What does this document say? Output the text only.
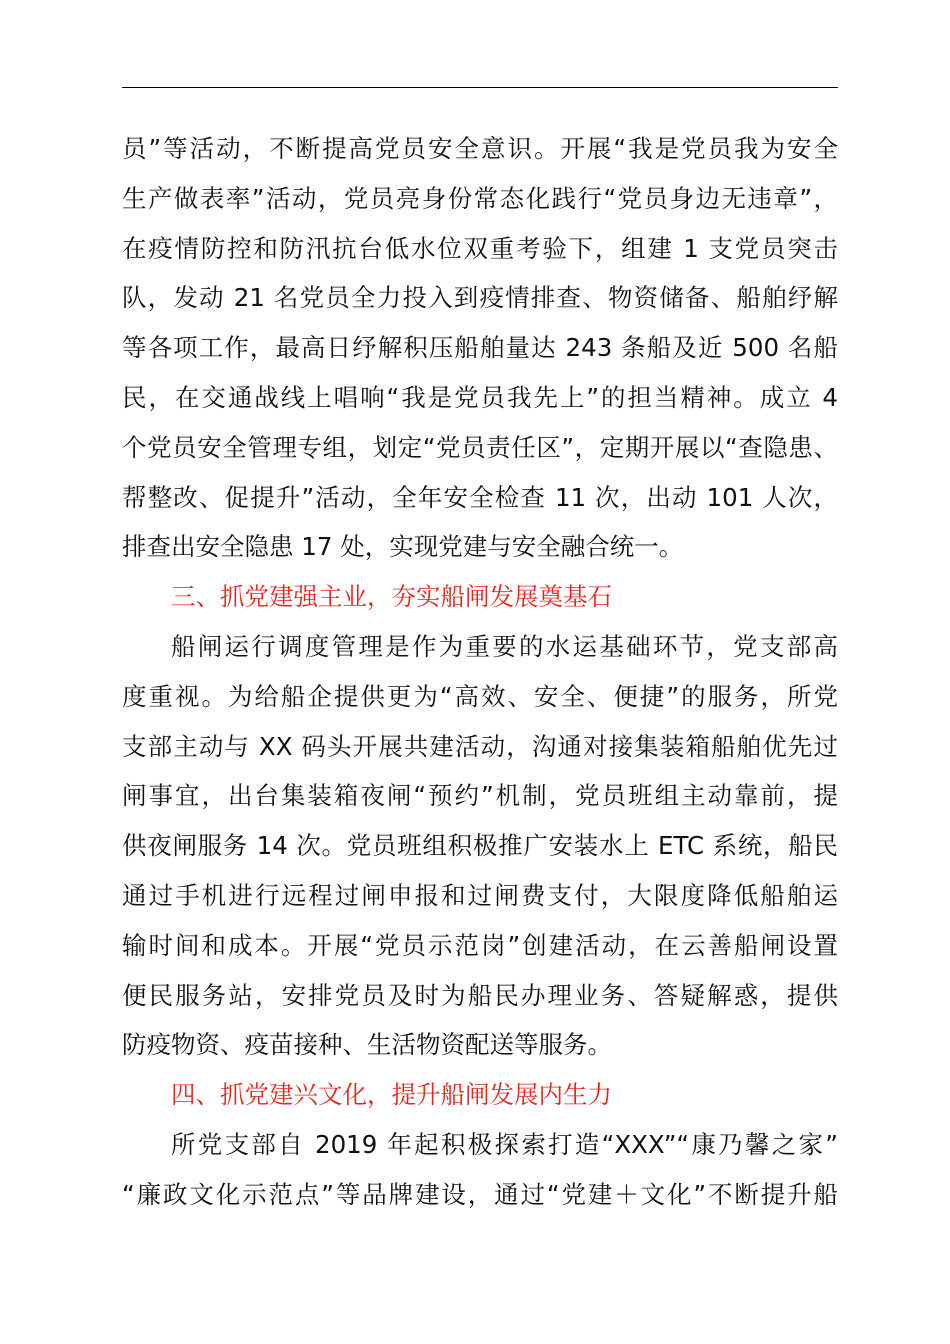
员”等活动，不断提高党员安全意识。开展“我是党员我为安全
生产做表率”活动，党员亮身份常态化践行“党员身边无违章”，
在疫情防控和防汛抗台低水位双重考验下，组建 1 支党员突击
队，发动 21 名党员全力投入到疫情排查、物资储备、船舶纾解
等各项工作，最高日纾解积压船舶量达 243 条船及近 500 名船
民，在交通战线上唱响“我是党员我先上”的担当精神。成立 4
个党员安全管理专组，划定“党员责任区”，定期开展以“查隐患、
帮整改、促提升”活动，全年安全检查 11 次，出动 101 人次，
排查出安全隐患 17 处，实现党建与安全融合统一。
三、抓党建强主业，夯实船闸发展奠基石
船闸运行调度管理是作为重要的水运基础环节，党支部高
度重视。为给船企提供更为“高效、安全、便捷”的服务，所党
支部主动与 XX 码头开展共建活动，沟通对接集装箱船舶优先过
闸事宜，出台集装箱夜闸“预约”机制，党员班组主动靠前，提
供夜闸服务 14 次。党员班组积极推广安装水上 ETC 系统，船民
通过手机进行远程过闸申报和过闸费支付，大限度降低船舶运
输时间和成本。开展“党员示范岗”创建活动，在云善船闸设置
便民服务站，安排党员及时为船民办理业务、答疑解惑，提供
防疫物资、疫苗接种、生活物资配送等服务。
四、抓党建兴文化，提升船闸发展内生力
所党支部自 2019 年起积极探索打造“XXX”“康乃馨之家”
“廉政文化示范点”等品牌建设，通过“党建＋文化”不断提升船
